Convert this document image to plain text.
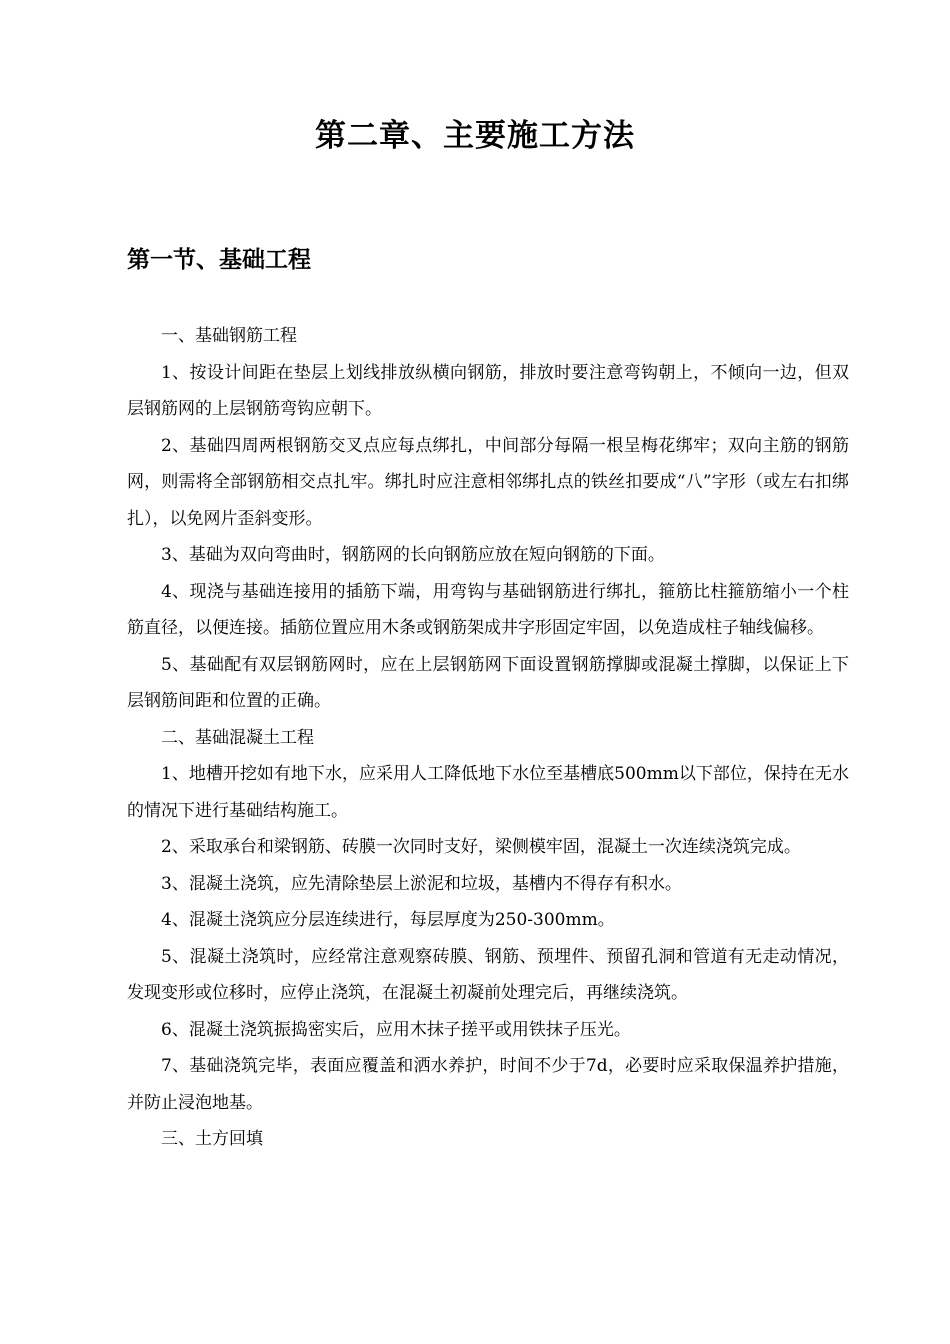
第二章、主要施工方法
第一节、基础工程

一、基础钢筋工程

1、按设计间距在垫层上划线排放纵横向钢筋，排放时要注意弯钩朝上，不倾向一边，但双层钢筋网的上层钢筋弯钩应朝下。

2、基础四周两根钢筋交叉点应每点绑扎，中间部分每隔一根呈梅花绑牢；双向主筋的钢筋网，则需将全部钢筋相交点扎牢。绑扎时应注意相邻绑扎点的铁丝扣要成“八”字形（或左右扣绑扎），以免网片歪斜变形。

3、基础为双向弯曲时，钢筋网的长向钢筋应放在短向钢筋的下面。

4、现浇与基础连接用的插筋下端，用弯钩与基础钢筋进行绑扎，箍筋比柱箍筋缩小一个柱筋直径，以便连接。插筋位置应用木条或钢筋架成井字形固定牢固，以免造成柱子轴线偏移。

5、基础配有双层钢筋网时，应在上层钢筋网下面设置钢筋撑脚或混凝土撑脚，以保证上下层钢筋间距和位置的正确。

二、基础混凝土工程

1、地槽开挖如有地下水，应采用人工降低地下水位至基槽底500mm以下部位，保持在无水的情况下进行基础结构施工。

2、采取承台和梁钢筋、砖膜一次同时支好，梁侧模牢固，混凝土一次连续浇筑完成。

3、混凝土浇筑，应先清除垫层上淤泥和垃圾，基槽内不得存有积水。

4、混凝土浇筑应分层连续进行，每层厚度为250-300mm。

5、混凝土浇筑时，应经常注意观察砖膜、钢筋、预埋件、预留孔洞和管道有无走动情况，发现变形或位移时，应停止浇筑，在混凝土初凝前处理完后，再继续浇筑。

6、混凝土浇筑振捣密实后，应用木抹子搓平或用铁抹子压光。

7、基础浇筑完毕，表面应覆盖和洒水养护，时间不少于7d，必要时应采取保温养护措施，并防止浸泡地基。

三、土方回填
